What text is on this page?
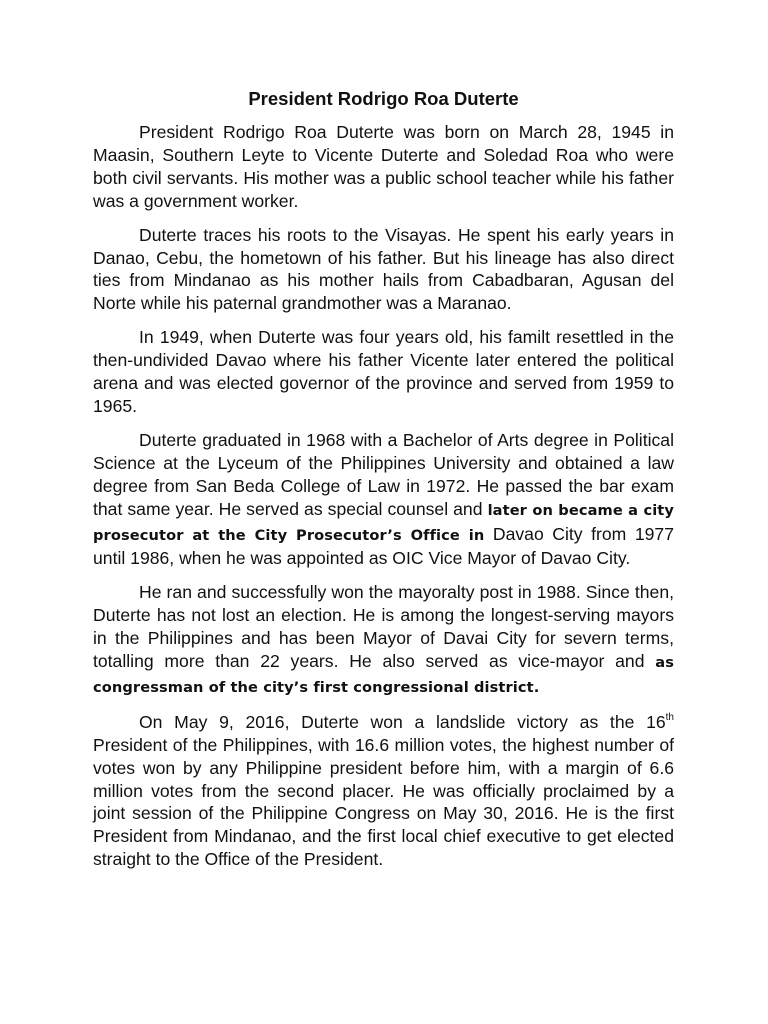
President Rodrigo Roa Duterte

President Rodrigo Roa Duterte was born on March 28, 1945 in Maasin, Southern Leyte to Vicente Duterte and Soledad Roa who were both civil servants. His mother was a public school teacher while his father was a government worker.

Duterte traces his roots to the Visayas. He spent his early years in Danao, Cebu, the hometown of his father. But his lineage has also direct ties from Mindanao as his mother hails from Cabadbaran, Agusan del Norte while his paternal grandmother was a Maranao.

In 1949, when Duterte was four years old, his familt resettled in the then-undivided Davao where his father Vicente later entered the political arena and was elected governor of the province and served from 1959 to 1965.

Duterte graduated in 1968 with a Bachelor of Arts degree in Political Science at the Lyceum of the Philippines University and obtained a law degree from San Beda College of Law in 1972. He passed the bar exam that same year. He served as special counsel and later on became a city prosecutor at the City Prosecutor’s Office in Davao City from 1977 until 1986, when he was appointed as OIC Vice Mayor of Davao City.

He ran and successfully won the mayoralty post in 1988. Since then, Duterte has not lost an election. He is among the longest-serving mayors in the Philippines and has been Mayor of Davai City for severn terms, totalling more than 22 years. He also served as vice-mayor and as congressman of the city’s first congressional district.

On May 9, 2016, Duterte won a landslide victory as the 16th President of the Philippines, with 16.6 million votes, the highest number of votes won by any Philippine president before him, with a margin of 6.6 million votes from the second placer. He was officially proclaimed by a joint session of the Philippine Congress on May 30, 2016. He is the first President from Mindanao, and the first local chief executive to get elected straight to the Office of the President.
